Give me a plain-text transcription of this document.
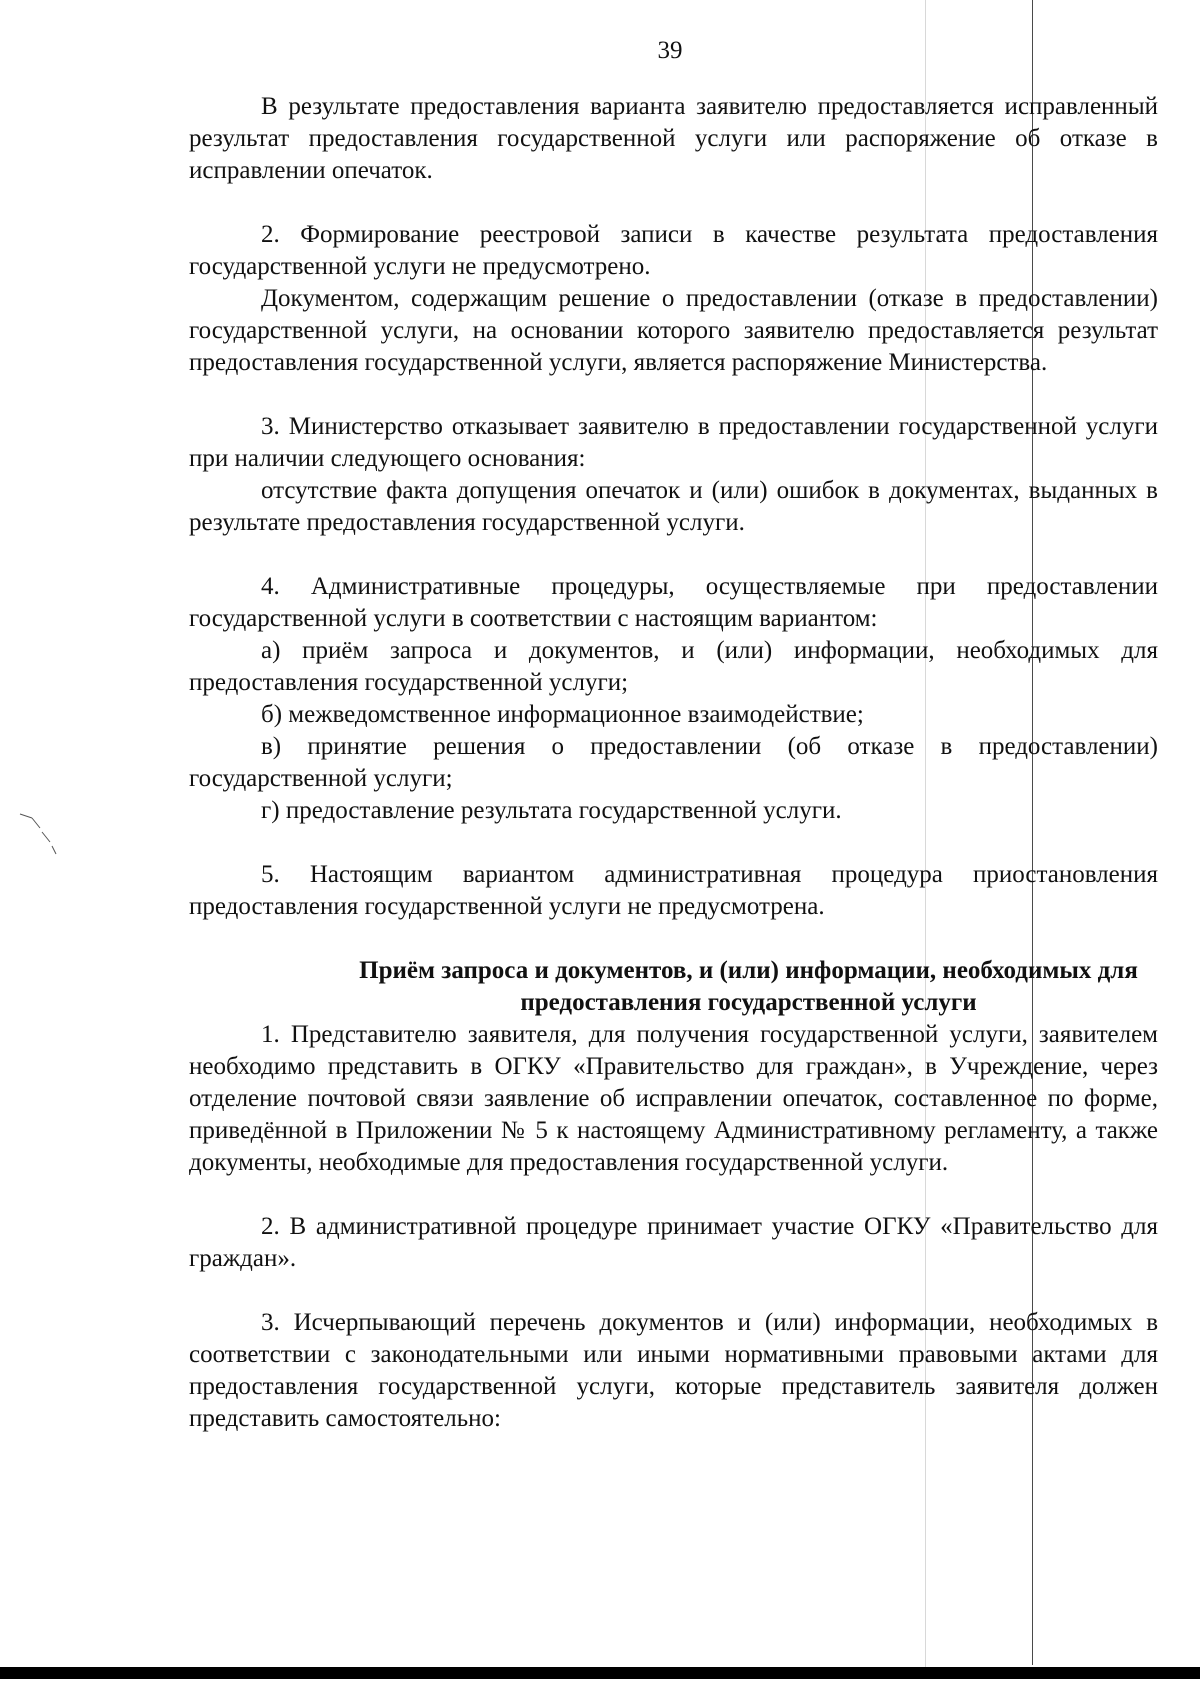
39

В результате предоставления варианта заявителю предоставляется исправленный результат предоставления государственной услуги или распоряжение об отказе в исправлении опечаток.

2. Формирование реестровой записи в качестве результата предоставления государственной услуги не предусмотрено.

Документом, содержащим решение о предоставлении (отказе в предоставлении) государственной услуги, на основании которого заявителю предоставляется результат предоставления государственной услуги, является распоряжение Министерства.

3. Министерство отказывает заявителю в предоставлении государственной услуги при наличии следующего основания:

отсутствие факта допущения опечаток и (или) ошибок в документах, выданных в результате предоставления государственной услуги.

4. Административные процедуры, осуществляемые при предоставлении государственной услуги в соответствии с настоящим вариантом:

а) приём запроса и документов, и (или) информации, необходимых для предоставления государственной услуги;

б) межведомственное информационное взаимодействие;

в) принятие решения о предоставлении (об отказе в предоставлении) государственной услуги;

г) предоставление результата государственной услуги.

5. Настоящим вариантом административная процедура приостановления предоставления государственной услуги не предусмотрена.

Приём запроса и документов, и (или) информации, необходимых для

предоставления государственной услуги

1. Представителю заявителя, для получения государственной услуги, заявителем необходимо представить в ОГКУ «Правительство для граждан», в Учреждение, через отделение почтовой связи заявление об исправлении опечаток, составленное по форме, приведённой в Приложении № 5 к настоящему Административному регламенту, а также документы, необходимые для предоставления государственной услуги.

2. В административной процедуре принимает участие ОГКУ «Правительство для граждан».

3. Исчерпывающий перечень документов и (или) информации, необходимых в соответствии с законодательными или иными нормативными правовыми актами для предоставления государственной услуги, которые представитель заявителя должен представить самостоятельно:
